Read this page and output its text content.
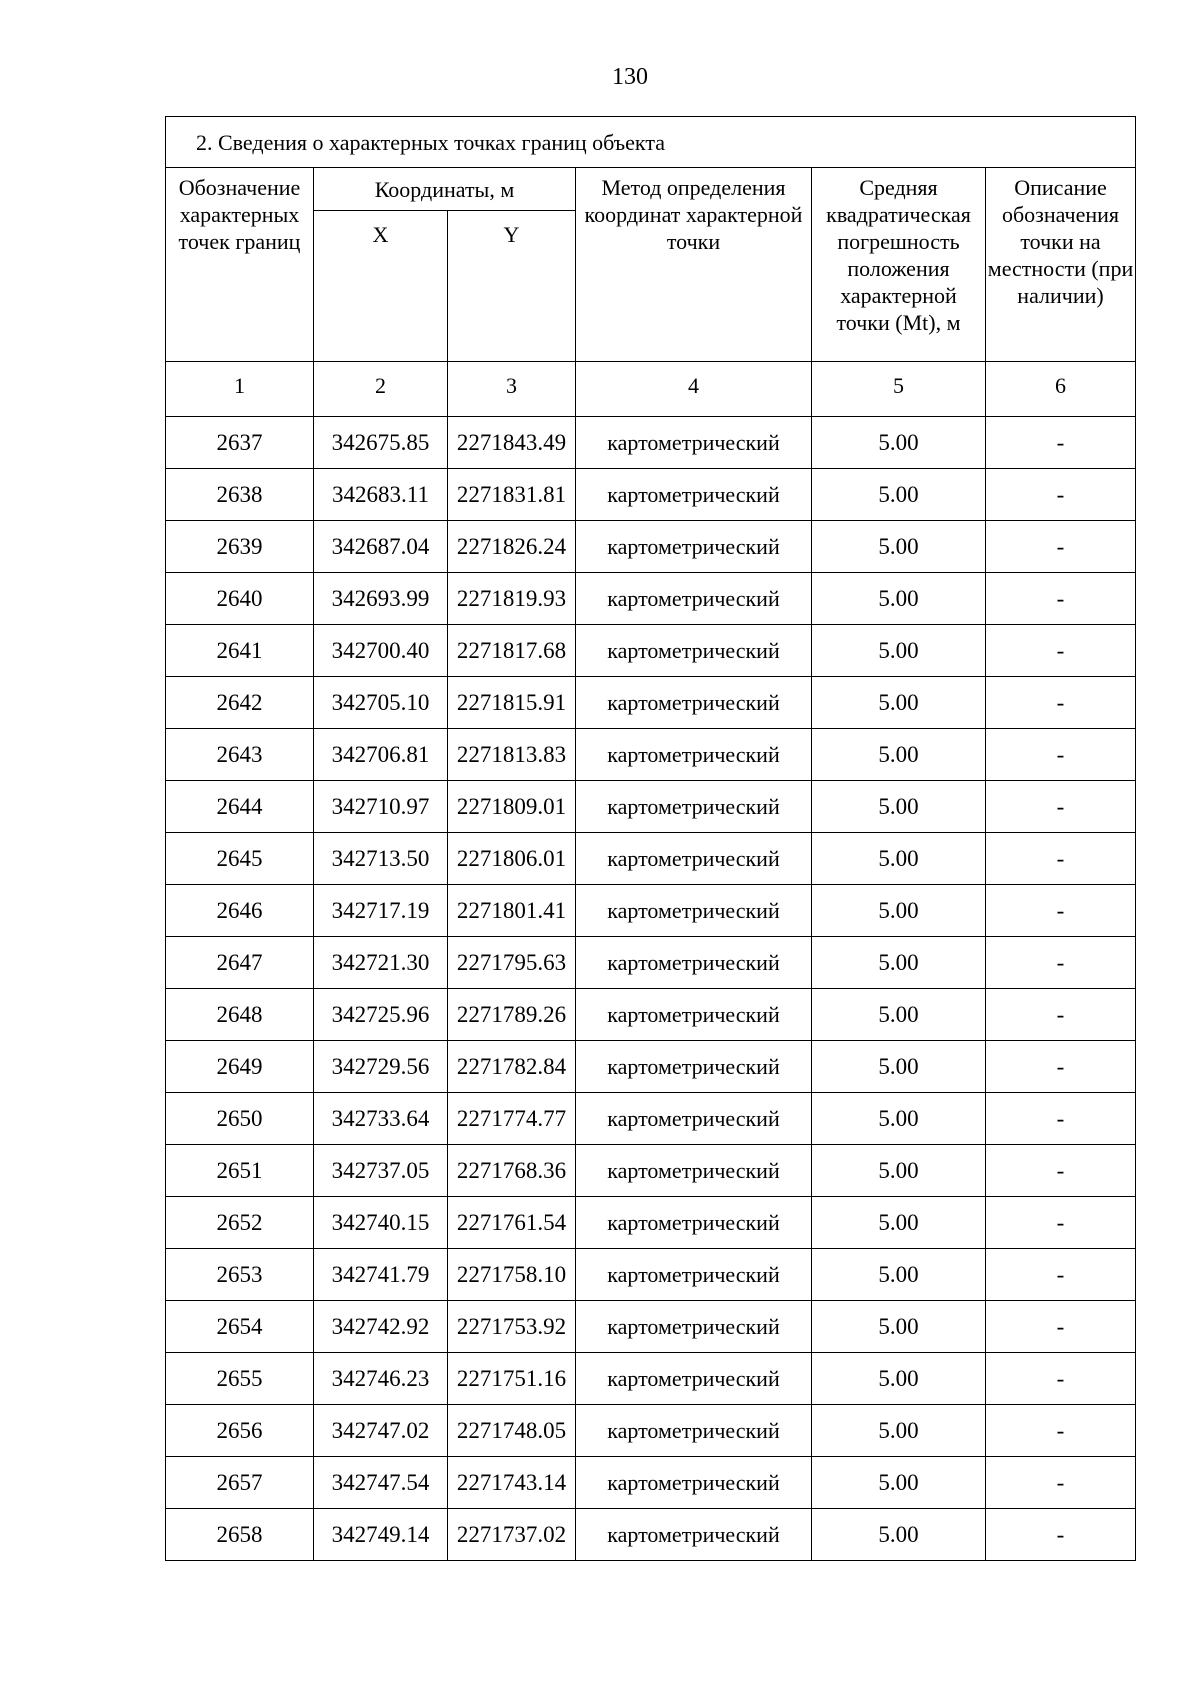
130
2. Сведения о характерных точках границ объекта					
Обозначение характерных точек границ	Координаты, м		Метод определения координат характерной точки	Средняя квадратическая погрешность положения характерной точки (Mt), м	Описание обозначения точки на местности (при наличии)
	X	Y			
1	2	3	4	5	6
2637	342675.85	2271843.49	картометрический	5.00	-
2638	342683.11	2271831.81	картометрический	5.00	-
2639	342687.04	2271826.24	картометрический	5.00	-
2640	342693.99	2271819.93	картометрический	5.00	-
2641	342700.40	2271817.68	картометрический	5.00	-
2642	342705.10	2271815.91	картометрический	5.00	-
2643	342706.81	2271813.83	картометрический	5.00	-
2644	342710.97	2271809.01	картометрический	5.00	-
2645	342713.50	2271806.01	картометрический	5.00	-
2646	342717.19	2271801.41	картометрический	5.00	-
2647	342721.30	2271795.63	картометрический	5.00	-
2648	342725.96	2271789.26	картометрический	5.00	-
2649	342729.56	2271782.84	картометрический	5.00	-
2650	342733.64	2271774.77	картометрический	5.00	-
2651	342737.05	2271768.36	картометрический	5.00	-
2652	342740.15	2271761.54	картометрический	5.00	-
2653	342741.79	2271758.10	картометрический	5.00	-
2654	342742.92	2271753.92	картометрический	5.00	-
2655	342746.23	2271751.16	картометрический	5.00	-
2656	342747.02	2271748.05	картометрический	5.00	-
2657	342747.54	2271743.14	картометрический	5.00	-
2658	342749.14	2271737.02	картометрический	5.00	-
